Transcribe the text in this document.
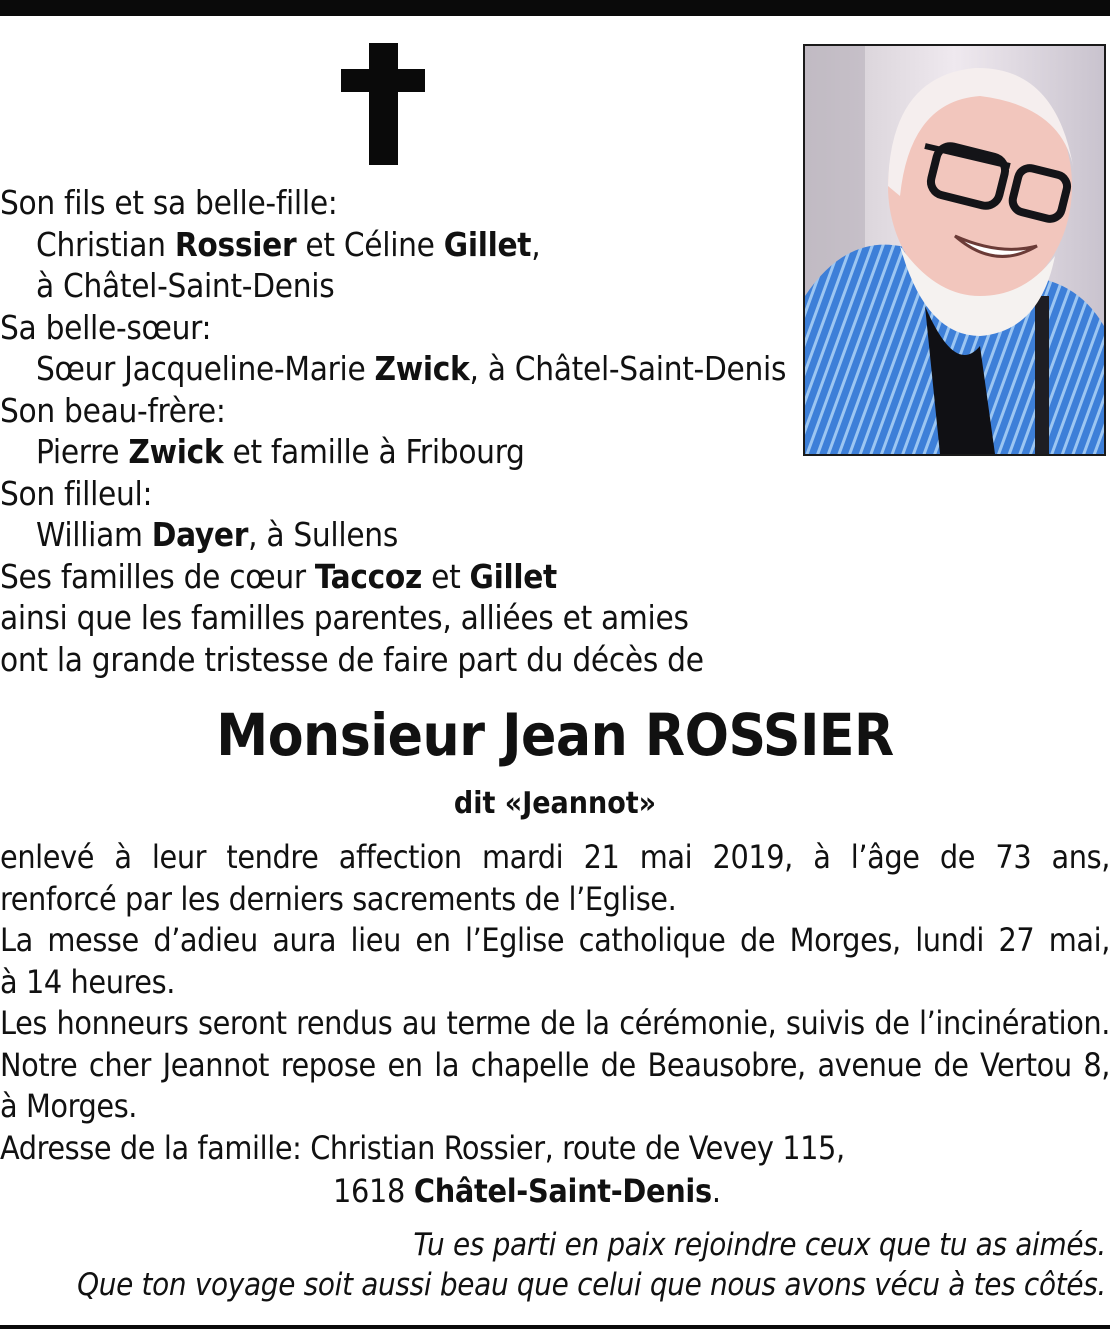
Son fils et sa belle-fille:
Christian Rossier et Céline Gillet,
à Châtel-Saint-Denis
Sa belle-sœur:
Sœur Jacqueline-Marie Zwick, à Châtel-Saint-Denis
Son beau-frère:
Pierre Zwick et famille à Fribourg
Son filleul:
William Dayer, à Sullens
Ses familles de cœur Taccoz et Gillet
ainsi que les familles parentes, alliées et amies
ont la grande tristesse de faire part du décès de
Monsieur Jean ROSSIER
dit «Jeannot»
enlevé à leur tendre affection mardi 21 mai 2019, à l’âge de 73 ans,
renforcé par les derniers sacrements de l’Eglise.
La messe d’adieu aura lieu en l’Eglise catholique de Morges, lundi 27 mai,
à 14 heures.
Les honneurs seront rendus au terme de la cérémonie, suivis de l’incinération.
Notre cher Jeannot repose en la chapelle de Beausobre, avenue de Vertou 8,
à Morges.
Adresse de la famille: Christian Rossier, route de Vevey 115,
1618 Châtel-Saint-Denis.
Tu es parti en paix rejoindre ceux que tu as aimés.
Que ton voyage soit aussi beau que celui que nous avons vécu à tes côtés.
